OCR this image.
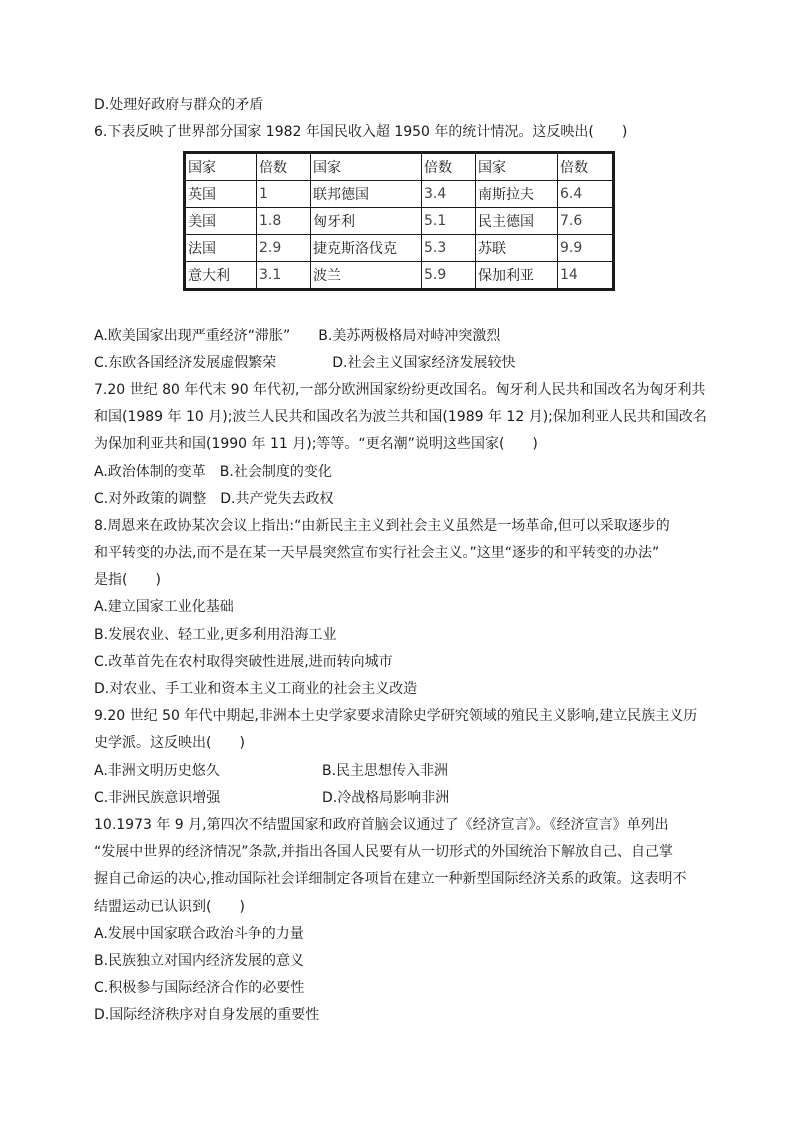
D.处理好政府与群众的矛盾
6.下表反映了世界部分国家 1982 年国民收入超 1950 年的统计情况。这反映出(　　)
国家	倍数	国家	倍数	国家	倍数
英国	1	联邦德国	3.4	南斯拉夫	6.4
美国	1.8	匈牙利	5.1	民主德国	7.6
法国	2.9	捷克斯洛伐克	5.3	苏联	9.9
意大利	3.1	波兰	5.9	保加利亚	14
A.欧美国家出现严重经济“滞胀”　　B.美苏两极格局对峙冲突激烈
C.东欧各国经济发展虚假繁荣　　　　D.社会主义国家经济发展较快
7.20 世纪 80 年代末 90 年代初,一部分欧洲国家纷纷更改国名。匈牙利人民共和国改名为匈牙利共
和国(1989 年 10 月);波兰人民共和国改名为波兰共和国(1989 年 12 月);保加利亚人民共和国改名
为保加利亚共和国(1990 年 11 月);等等。“更名潮”说明这些国家(　　)
A.政治体制的变革　B.社会制度的变化
C.对外政策的调整　D.共产党失去政权
8.周恩来在政协某次会议上指出:“由新民主主义到社会主义虽然是一场革命,但可以采取逐步的
和平转变的办法,而不是在某一天早晨突然宣布实行社会主义。”这里“逐步的和平转变的办法”
是指(　　)
A.建立国家工业化基础
B.发展农业、轻工业,更多利用沿海工业
C.改革首先在农村取得突破性进展,进而转向城市
D.对农业、手工业和资本主义工商业的社会主义改造
9.20 世纪 50 年代中期起,非洲本土史学家要求清除史学研究领域的殖民主义影响,建立民族主义历
史学派。这反映出(　　)
A.非洲文明历史悠久	B.民主思想传入非洲
C.非洲民族意识增强	D.冷战格局影响非洲
10.1973 年 9 月,第四次不结盟国家和政府首脑会议通过了《经济宣言》。《经济宣言》单列出
“发展中世界的经济情况”条款,并指出各国人民要有从一切形式的外国统治下解放自己、自己掌
握自己命运的决心,推动国际社会详细制定各项旨在建立一种新型国际经济关系的政策。这表明不
结盟运动已认识到(　　)
A.发展中国家联合政治斗争的力量
B.民族独立对国内经济发展的意义
C.积极参与国际经济合作的必要性
D.国际经济秩序对自身发展的重要性
